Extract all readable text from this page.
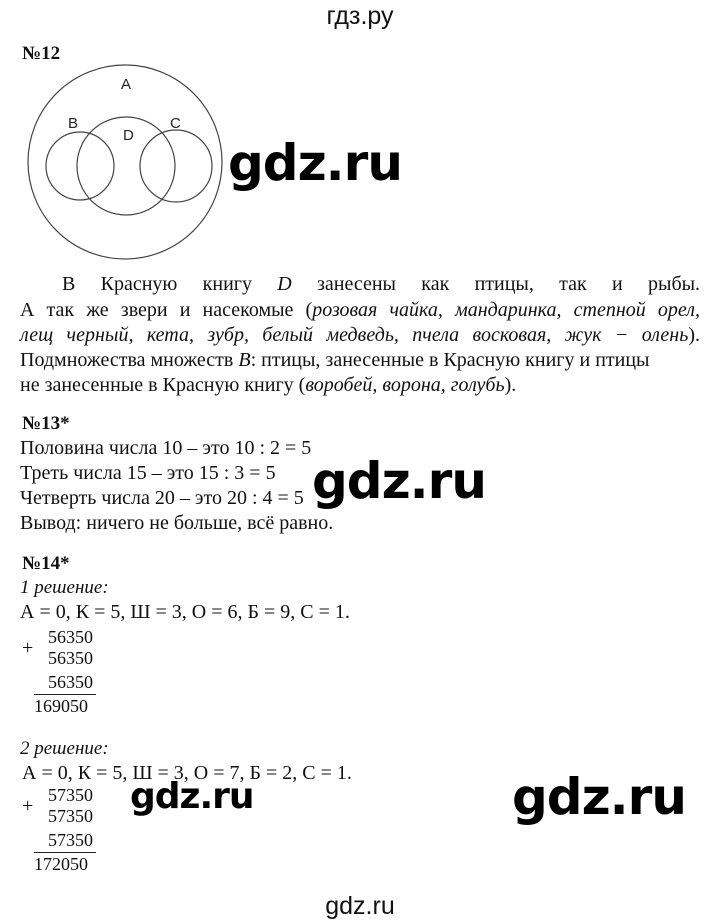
гдз.ру
№12
A
B
D
C
gdz.ru
В Красную книгу D занесены как птицы, так и рыбы.
А так же звери и насекомые (розовая чайка, мандаринка, степной орел,
лещ черный, кета, зубр, белый медведь, пчела восковая, жук − олень).
Подмножества множеств B: птицы, занесенные в Красную книгу и птицы
не занесенные в Красную книгу (воробей, ворона, голубь).
№13*
Половина числа 10 – это 10 : 2 = 5
Треть числа 15 – это 15 : 3 = 5
Четверть числа 20 – это 20 : 4 = 5
Вывод: ничего не больше, всё равно.
gdz.ru
№14*
1 решение:
А = 0, К = 5, Ш = 3, О = 6, Б = 9, С = 1.
+ 56350
56350
56350
169050
2 решение:
А = 0, К = 5, Ш = 3, О = 7, Б = 2, С = 1.
+ 57350
57350
57350
172050
gdz.ru	gdz.ru
gdz.ru
